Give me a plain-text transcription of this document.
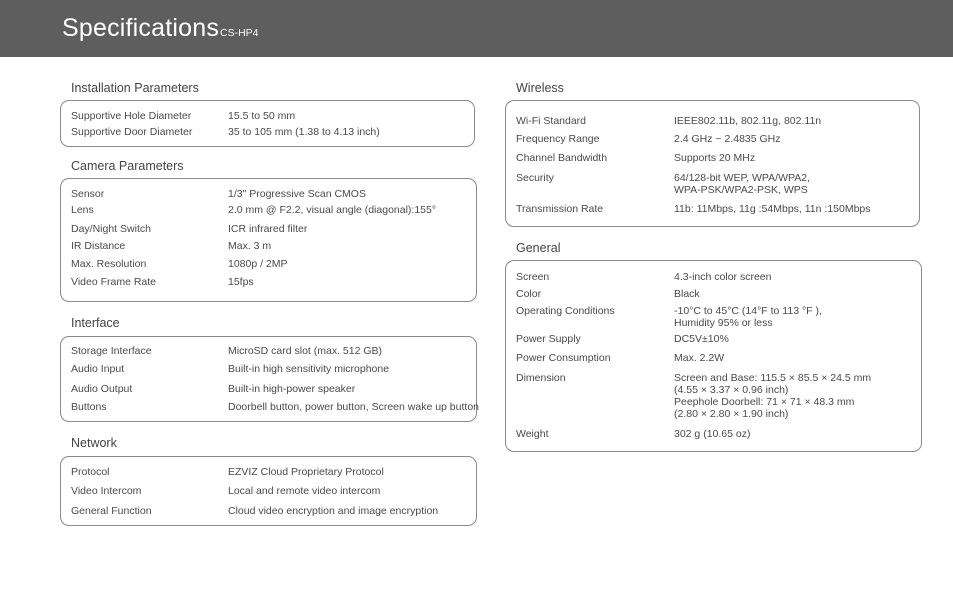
Specifications CS-HP4
Installation Parameters
Supportive Hole Diameter	15.5 to 50 mm
Supportive Door Diameter	35 to 105 mm (1.38 to 4.13 inch)
Camera Parameters
Sensor	1/3" Progressive Scan CMOS
Lens	2.0 mm @ F2.2, visual angle (diagonal):155°
Day/Night Switch	ICR infrared filter
IR Distance	Max. 3 m
Max. Resolution	1080p / 2MP
Video Frame Rate	15fps
Interface
Storage Interface	MicroSD card slot (max. 512 GB)
Audio Input	Built-in high sensitivity microphone
Audio Output	Built-in high-power speaker
Buttons	Doorbell button, power button, Screen wake up button
Network
Protocol	EZVIZ Cloud Proprietary Protocol
Video Intercom	Local and remote video intercom
General Function	Cloud video encryption and image encryption
Wireless
Wi-Fi Standard	IEEE802.11b, 802.11g, 802.11n
Frequency Range	2.4 GHz ~ 2.4835 GHz
Channel Bandwidth	Supports 20 MHz
Security	64/128-bit WEP, WPA/WPA2,
WPA-PSK/WPA2-PSK, WPS
Transmission Rate	11b: 11Mbps, 11g :54Mbps, 11n :150Mbps
General
Screen	4.3-inch color screen
Color	Black
Operating Conditions	-10°C to 45°C (14°F to 113 °F ),
Humidity 95% or less
Power Supply	DC5V±10%
Power Consumption	Max. 2.2W
Dimension	Screen and Base: 115.5 × 85.5 × 24.5 mm
(4.55 × 3.37 × 0.96 inch)
Peephole Doorbell: 71 × 71 × 48.3 mm
(2.80 × 2.80 × 1.90 inch)
Weight	302 g (10.65 oz)
